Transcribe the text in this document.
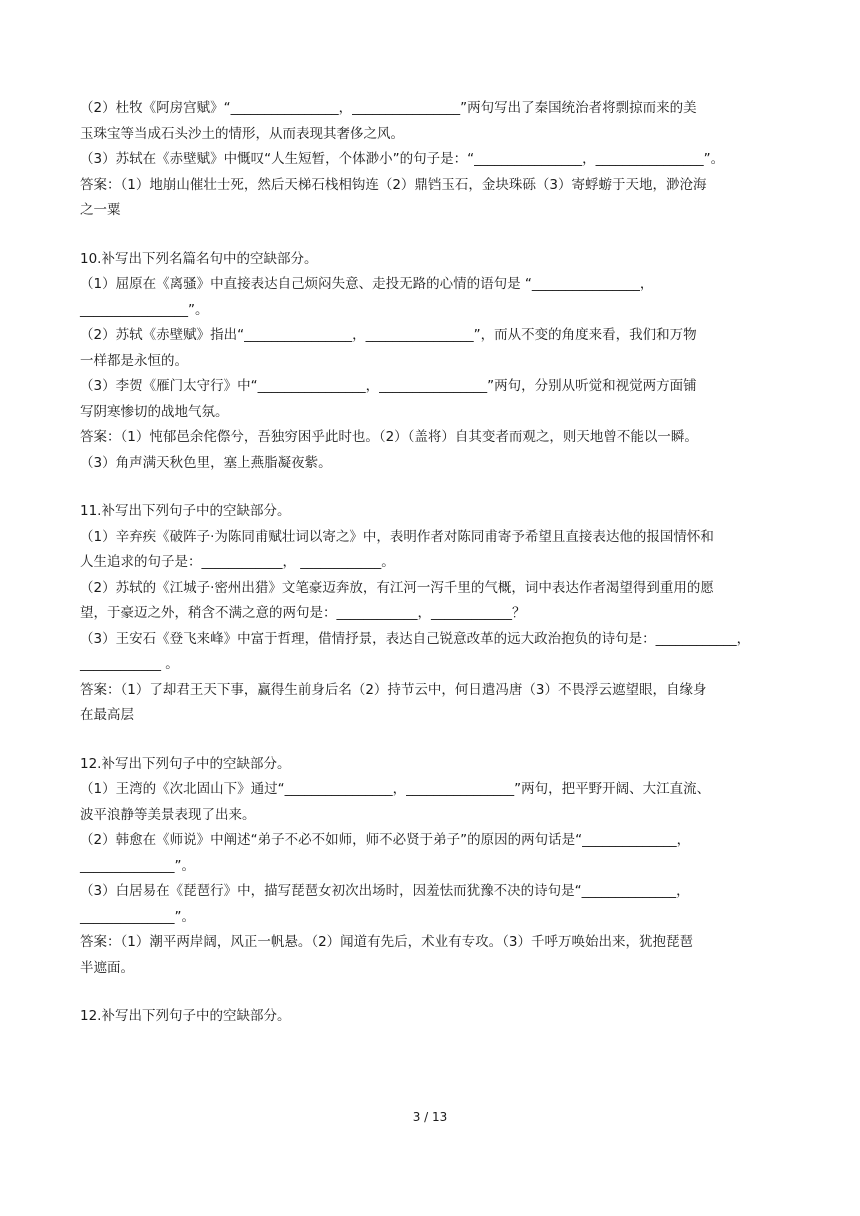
（2）杜牧《阿房宫赋》“________________，________________”两句写出了秦国统治者将剽掠而来的美
玉珠宝等当成石头沙土的情形，从而表现其奢侈之风。
（3）苏轼在《赤壁赋》中慨叹“人生短暂，个体渺小”的句子是：“________________，________________”。
答案：（1）地崩山催壮士死，然后天梯石栈相钩连（2）鼎铛玉石，金块珠砾（3）寄蜉蝣于天地，渺沧海
之一粟
10.补写出下列名篇名句中的空缺部分。
（1）屈原在《离骚》中直接表达自己烦闷失意、走投无路的心情的语句是 “________________，
________________”。
（2）苏轼《赤壁赋》指出“________________，________________”，而从不变的角度来看，我们和万物
一样都是永恒的。
（3）李贺《雁门太守行》中“________________，________________”两句，分别从听觉和视觉两方面铺
写阴寒惨切的战地气氛。
答案：（1）忳郁邑余侘傺兮，吾独穷困乎此时也。（2）（盖将）自其变者而观之，则天地曾不能以一瞬。
（3）角声满天秋色里，塞上燕脂凝夜紫。
11.补写出下列句子中的空缺部分。
（1）辛弃疾《破阵子·为陈同甫赋壮词以寄之》中，表明作者对陈同甫寄予希望且直接表达他的报国情怀和
人生追求的句子是：____________， ____________。
（2）苏轼的《江城子·密州出猎》文笔豪迈奔放，有江河一泻千里的气概，词中表达作者渴望得到重用的愿
望，于豪迈之外，稍含不满之意的两句是：____________，____________？
（3）王安石《登飞来峰》中富于哲理，借情抒景，表达自己锐意改革的远大政治抱负的诗句是：____________，
____________ 。
答案：（1）了却君王天下事，赢得生前身后名（2）持节云中，何日遣冯唐（3）不畏浮云遮望眼，自缘身
在最高层
12.补写出下列句子中的空缺部分。
（1）王湾的《次北固山下》通过“________________，________________”两句，把平野开阔、大江直流、
波平浪静等美景表现了出来。
（2）韩愈在《师说》中阐述“弟子不必不如师，师不必贤于弟子”的原因的两句话是“______________，
______________”。
（3）白居易在《琵琶行》中，描写琵琶女初次出场时，因羞怯而犹豫不决的诗句是“______________，
______________”。
答案：（1）潮平两岸阔，风正一帆悬。（2）闻道有先后，术业有专攻。（3）千呼万唤始出来，犹抱琵琶
半遮面。
12.补写出下列句子中的空缺部分。
3 / 13
